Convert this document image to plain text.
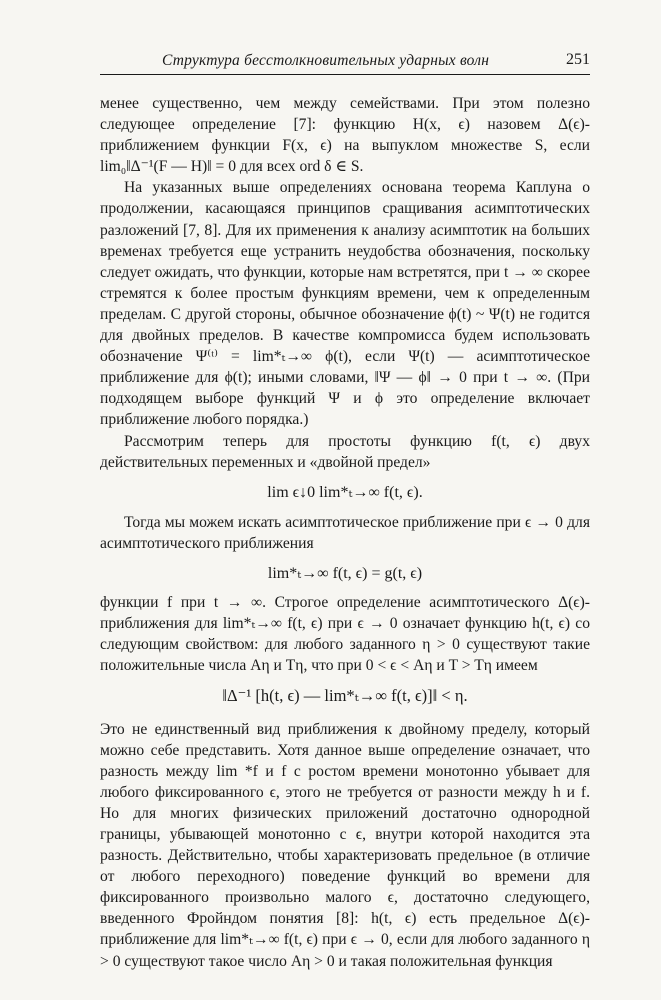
Структура бесстолкновительных ударных волн	251

менее существенно, чем между семействами. При этом полезно следующее определение [7]: функцию H(x, ϵ) назовем Δ(ϵ)-приближением функции F(x, ϵ) на выпуклом множестве S, если lim₀‖Δ⁻¹(F — H)‖ = 0 для всех ord δ ∈ S.

На указанных выше определениях основана теорема Каплуна о продолжении, касающаяся принципов сращивания асимптотических разложений [7, 8]. Для их применения к анализу асимптотик на больших временах требуется еще устранить неудобства обозначения, поскольку следует ожидать, что функции, которые нам встретятся, при t → ∞ скорее стремятся к более простым функциям времени, чем к определенным пределам. С другой стороны, обычное обозначение ϕ(t) ~ Ψ(t) не годится для двойных пределов. В качестве компромисса будем использовать обозначение Ψ⁽ᵗ⁾ = lim*ₜ→∞ ϕ(t), если Ψ(t) — асимптотическое приближение для ϕ(t); иными словами, ‖Ψ — ϕ‖ → 0 при t → ∞. (При подходящем выборе функций Ψ и ϕ это определение включает приближение любого порядка.)

Рассмотрим теперь для простоты функцию f(t, ϵ) двух действительных переменных и «двойной предел»

lim ϵ↓0 lim*ₜ→∞ f(t, ϵ).

Тогда мы можем искать асимптотическое приближение при ϵ → 0 для асимптотического приближения

lim*ₜ→∞ f(t, ϵ) = g(t, ϵ)

функции f при t → ∞. Строгое определение асимптотического Δ(ϵ)-приближения для lim*ₜ→∞ f(t, ϵ) при ϵ → 0 означает функцию h(t, ϵ) со следующим свойством: для любого заданного η > 0 существуют такие положительные числа Aη и Tη, что при 0 < ϵ < Aη и T > Tη имеем

‖Δ⁻¹ [h(t, ϵ) — lim*ₜ→∞ f(t, ϵ)]‖ < η.

Это не единственный вид приближения к двойному пределу, который можно себе представить. Хотя данное выше определение означает, что разность между lim *f и f с ростом времени монотонно убывает для любого фиксированного ϵ, этого не требуется от разности между h и f. Но для многих физических приложений достаточно однородной границы, убывающей монотонно с ϵ, внутри которой находится эта разность. Действительно, чтобы характеризовать предельное (в отличие от любого переходного) поведение функций во времени для фиксированного произвольно малого ϵ, достаточно следующего, введенного Фройндом понятия [8]: h(t, ϵ) есть предельное Δ(ϵ)-приближение для lim*ₜ→∞ f(t, ϵ) при ϵ → 0, если для любого заданного η > 0 существуют такое число Aη > 0 и такая положительная функция
